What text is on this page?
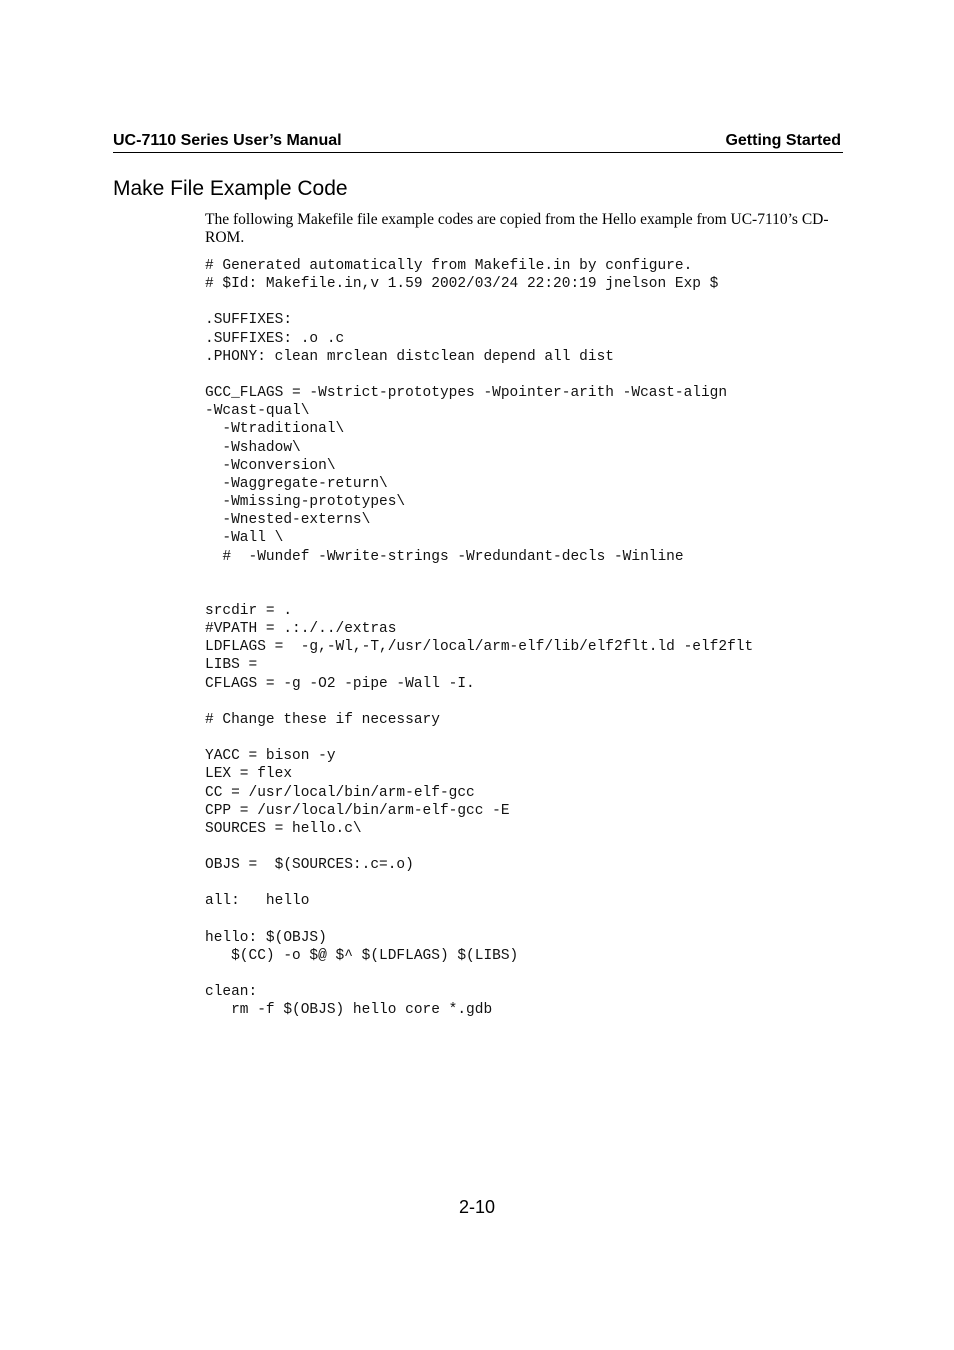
UC-7110 Series User’s Manual	Getting Started
Make File Example Code

The following Makefile file example codes are copied from the Hello example from UC-7110’s CD-ROM.

# Generated automatically from Makefile.in by configure.
# $Id: Makefile.in,v 1.59 2002/03/24 22:20:19 jnelson Exp $

.SUFFIXES:
.SUFFIXES: .o .c
.PHONY: clean mrclean distclean depend all dist

GCC_FLAGS = -Wstrict-prototypes -Wpointer-arith -Wcast-align
-Wcast-qual\
-Wtraditional\
-Wshadow\
-Wconversion\
-Waggregate-return\
-Wmissing-prototypes\
-Wnested-externs\
-Wall \
#  -Wundef -Wwrite-strings -Wredundant-decls -Winline

srcdir = .
#VPATH = .:./../extras
LDFLAGS =  -g,-Wl,-T,/usr/local/arm-elf/lib/elf2flt.ld -elf2flt
LIBS =
CFLAGS = -g -O2 -pipe -Wall -I.

# Change these if necessary

YACC = bison -y
LEX = flex
CC = /usr/local/bin/arm-elf-gcc
CPP = /usr/local/bin/arm-elf-gcc -E
SOURCES = hello.c\

OBJS =  $(SOURCES:.c=.o)

all:   hello

hello: $(OBJS)
$(CC) -o $@ $^ $(LDFLAGS) $(LIBS)

clean:
rm -f $(OBJS) hello core *.gdb
2-10
